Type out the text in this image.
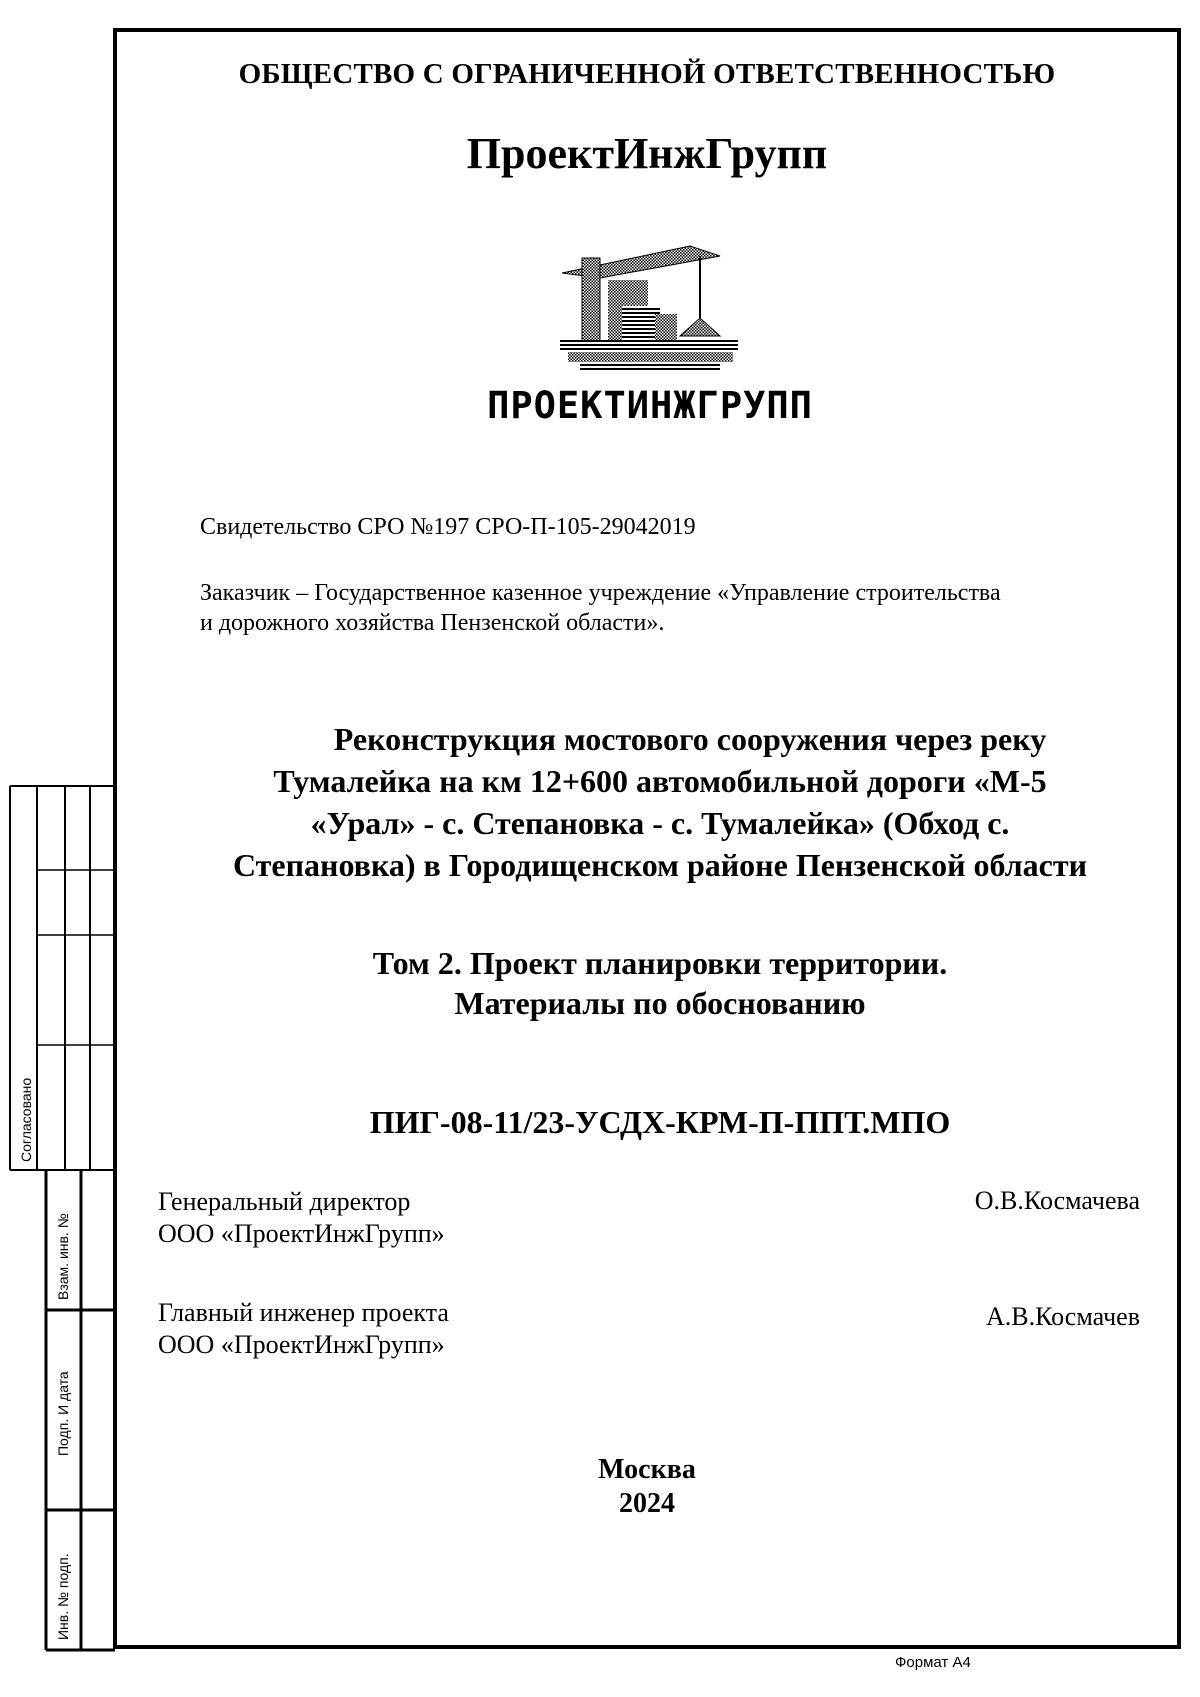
Согласовано
Взам. инв. №
Подп. И дата
Инв. № подп.
ОБЩЕСТВО С ОГРАНИЧЕННОЙ ОТВЕТСТВЕННОСТЬЮ
ПроектИнжГрупп
ПРОЕКТИНЖГРУПП
Свидетельство СРО №197 СРО-П-105-29042019
Заказчик – Государственное казенное учреждение «Управление строительства
и дорожного хозяйства Пензенской области».
Реконструкция мостового сооружения через реку
Тумалейка на км 12+600 автомобильной дороги «М-5
«Урал» - с. Степановка - с. Тумалейка» (Обход с.
Степановка) в Городищенском районе Пензенской области
Том 2. Проект планировки территории.
Материалы по обоснованию
ПИГ-08-11/23-УСДХ-КРМ-П-ППТ.МПО
Генеральный директор
ООО «ПроектИнжГрупп»
О.В.Космачева
Главный инженер проекта
ООО «ПроектИнжГрупп»
А.В.Космачев
Москва
2024
Формат А4
